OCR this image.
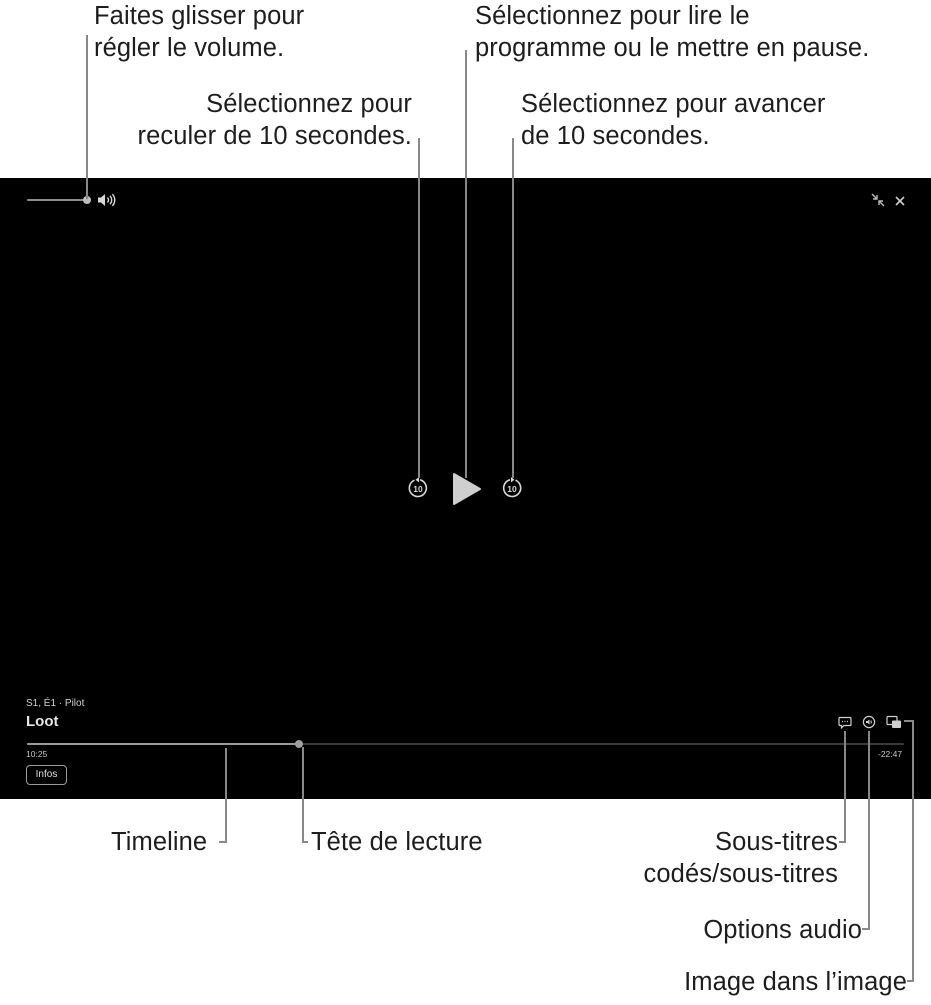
Faites glisser pour
régler le volume.
Sélectionnez pour lire le
programme ou le mettre en pause.
Sélectionnez pour
reculer de 10 secondes.
Sélectionnez pour avancer
de 10 secondes.
Timeline	Tête de lecture	Sous-titres
codés/sous-titres
Options audio
Image dans l’image
10	10
S1, É1 · Pilot
Loot
10:25	-22:47
Infos
